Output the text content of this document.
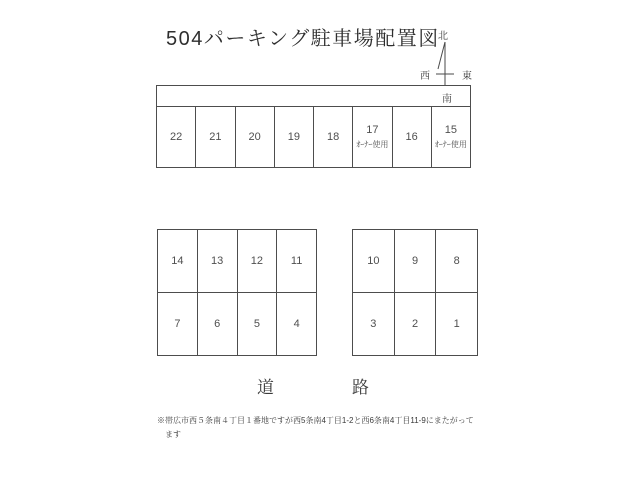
504パーキング駐車場配置図
北
西	東
南
22 21 20 19 18
17
ｵｰﾅｰ使用
16
15
ｵｰﾅｰ使用
14	13	12	11
7	6	5	4
10	9	8
3	2	1
道	路
※帯広市西５条南４丁目１番地ですが西5条南4丁目1-2と西6条南4丁目11-9にまたがって
ます
